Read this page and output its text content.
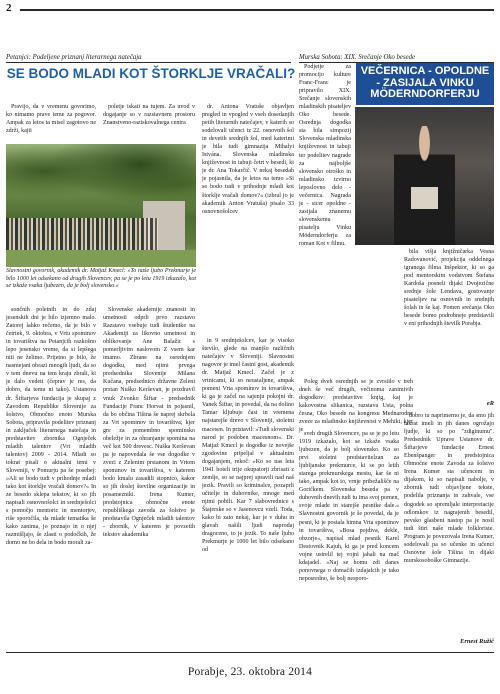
2
Petanjci: Podeljene priznanj literarnega natečaja
SE BODO MLADI KOT ŠTORKLJE VRAČALI?

Pravijo, da v vremenu govorimo, ko nimamo prave teme za pogovor. Ampak za letos ta misel zagotovo ne zdrži, kajti

poletje iskati na tujem. Za uvod v dogajanje so v razstavnem prostoru Znanstveno-raziskovalnega centra

dr. Antona Vratuše objavljen pregled in vpogled v vseh dosedanjih petih literarnih natečajev, v katerih so sodelovali učenci iz 22. osnovnih šol in devetih srednjih šol, med katerimi je bila tudi gimnazija Mihalyi Istvána. Slovenska mladinska književnost in tabuji četrt v besedi, ki je dr. Ana Tokarčič. V nekaj besedah je pojasnila, da je letos na temo »Si se bodo tudi v prihodnje mladi kot štorklje vračali domov?« (izbral jo je akademik Anton Vratuša) pisalo 33 osnovnošolcev

Slavnostni govornik, akademik dr. Matjaž Kmecl: »To naše ljubo Prekmurje je bilo 1000 let odsekano od drugih Slovencev, pa se je po letu 1919 izkazalo, kot se izkaže vsaka ljubezen, da je bolj slovensko.«

sončnih poletnih in do zdaj jesenskih dni je bilo izjemno malo. Zatorej lahko rečemo, da je bilo v četrtek, 9. oktobra, v Vrtu spominov in tovarištva na Petanjcih razkošno lepo jesensko vreme, da si lepšega niti ne želimo. Prijetno je bilo, že nasmejani obrazi mnogih ljudi, da so v tem dnevu na tem kraju zbrali, ki je dalo vedeti (čeprav je res, da dobro, da temu ni tako). Ustanova dr. Šiftarjeva fundacija je skupaj z Zavodom Republike Slovenije za šolstvo, Območno enoto Murska Sobota, pripravila podelitev priznanj in zaključek literarnega natečaja in predstavitev zbornika Ognječek mladih talentov (Vrt mladih talentov) 2009 - 2014. Mladi so tokrat pisali o aktualni temi v Sloveniji, v Pomurju pa še posebej: »Ali se bodo tudi v prihodnje mladi tako kot štorklje vračali domov?« In ze besedo sklepa tekstov, ki so jih napisali osnovnošolci in srednješolci s pomočjo mentoric in mentorjev, riše sporočila, da mlade tematika še kako zanima, jo poznajo in o njej razmišljajo, še zlasti o podočkih, že dorno ne bo dela in bodo morali za-

Slovenske akademije znanosti in umetnosti odprli prvo razstavo Razstavo vsebuje tudi študentke na Akademiji za likovno umetnost in oblikovanje Ane Balažic s pomerljivim naslovom Z vsem kar imamo. Zbrane na osrednjem dogodku, med njimi prvega predsednika Slovenije Milana Kučana, predsednico državne Zeleni prstan Nuško Kerševan, je pozdravil vnuk Zvonko Šiftar - predsednik Fundacije Franc Horvat in pojasnil, da bo občina Tišina še naprej skrbela za Vrt spominov in tovarištva; kjer gre za pomembno spominsko obeležje in za ohranjanje spomina na več kot 500 drevesc. Nuška Kerševan pa je napovedala še vse dogodke v zvezi z Zelenim prstanom in Vrtom spominov in tovarištva, v katerem bodo kmalu zasadili stopnico, kakor so jih doslej številne organizacije in posamezniki. Irena Kumer, predstojnica območne enote republiškega zavoda za šolstvo je predstavila Ognječek mladih talentov - zbornik, v katerem je povzetih tekstov akademika

in 9 srednješolcev, kar je visoko število, glede na manjšo različnih natečajev v Sloveniji. Slavnostni nagovor je imel častni gost, akademik dr. Matjaž Kmecl. Začel je z vrtnicami, ki so neustaljene, ampak pomeni Vrta spominov in tovarištva, ki ga je začel na sajenju pokojni dr. Vanek Šiftar, in povedal, da na dolino Tamar kljubuje časi in vremena najstarejše drevo v Sloveniji, stoletni macesen. In pristavil: »Tudi slovenski narod je podoben macesnom«. Dr. Matjaž Kmecl je dogodke iz novejše zgodovine pripeljal v aktualnim dogajanjem, rekoč: »Ko so nas leta 1941 hoteli trije okupatorji zbrisati z zemlje, so se najprej spravili nad naš jezik. Pravili so kriminalce, pozaprli učitelje in duhovnike, mnoge med njimi pobili. Kar 7 slabovrednice s Štajerske so v Jasenovcu vzeli. Toda, kako bi zato nekaj, kar je v duhu in glavah našili ljudi naprodaj dragoceno, to je jezik. To naše ljubo Prekmurje je 1000 let bilo odsekano od

Murska Sobota: XIX. Srečanje Oko besede
VEČERNICA - OPOLDNE - ZASIJALA VINKU MÖDERNDORFERJU

Podjetje za promocijo kulture Franc-Franc je pripravilo XIX. Srečanje slovenskih mladinskih pisateljev Oko besede. Osrednja dogodka sta bila simpozij Slovenska mladinska književnost in tabuji ter podelitev nagrade za najboljše slovensko otroško in mladinsko izvirno leposlovno delo - večernica. Nagrada je - sicer opoldne - zasijala znanemu slovenskemu pisatelju Vinku Möderndorferju za roman Kot v filmu.

Poleg dveh osrednjih se je zvrstilo v treh dneh še več drugih, večinoma zanimivih dogodkov: predstavitve knjig, kaj je kakovostna slikanica, razstava Usta, polna česna, Oko besede na kongresu Mednarodne zveze za mladinsko književnost v Mehiki, kjer je

sveh drugih Slovencev, pa se je po letu 1919 izkazalo, kot se izkaže vsaka ljubezen, da je bolj slovensko. Ko so prvi stoletni predstavitelzan za ljubljanske prekmurce, ki se po letih starega prekmurskega mestu, kar še ni tako, ampak kot to, vrnje pribežališče na Goričkem. Slovenska beseda pa v duhovnih dnevih tudi tu ima svoj pomen, svoje mlade in starejše pesnike dale.« Slavnostni govornik je še povedal, da je pesni, ki je postala himna Vrta spominov in tovarištva, »Bosa pojdiva, dekle, obzorje«, napisal mlad pesnik Karel Destovnik Kajuh, ki ga je pred koncem vojne ustrelil tej vojni jahali na mač kdajadel. »Naj se homu zdi danes ponovnega o domačih izdajalcih je tako neposredno, še bolj nesporo-

bila višja knjižničarka Vesna Radovanović, projekcija oddelnega igranega filma Inšpektor, ki so ga pod mentorskim vodstvom Štefana Kardoša posneli dijaki Dvojezične srednje šole Lendava, gostovanje pisateljev na osnovnih in srednjih šolah in še kaj. Pomen srečanja Oko besede bomo podrobneje predstavili v eni prihodnjih številk Porabja.

eR

dobro tu naprimerno je, da smo jih takrat imeli in jih danes ogrožajo ljudje, ki so po "zdiginumu". Predsednik Uprave Ustanove dr. Šiftarjeve fundacije Ernest Ebenšpanger in predstojnica Območne enote Zavoda za šolstvo Irena Kumer sta učencem in dijakom, ki so napisali nabolje, v zbornik tudi objavljene tekste, podelila priznanja in zahvale, vse dogodek so spremljale interpretacije odlomkov iz nagrajenih besedil, pevsko glasbeni nastop pa je nosil tudi štiri naše mlade folkloriste. Program je povezovala Irena Kumer, sodelovali pa so učenke in učenci Osnovne šole Tišina in dijaki murskosoboške Gimnazije.

Ernest Ružič
Porabje, 23. oktobra 2014
